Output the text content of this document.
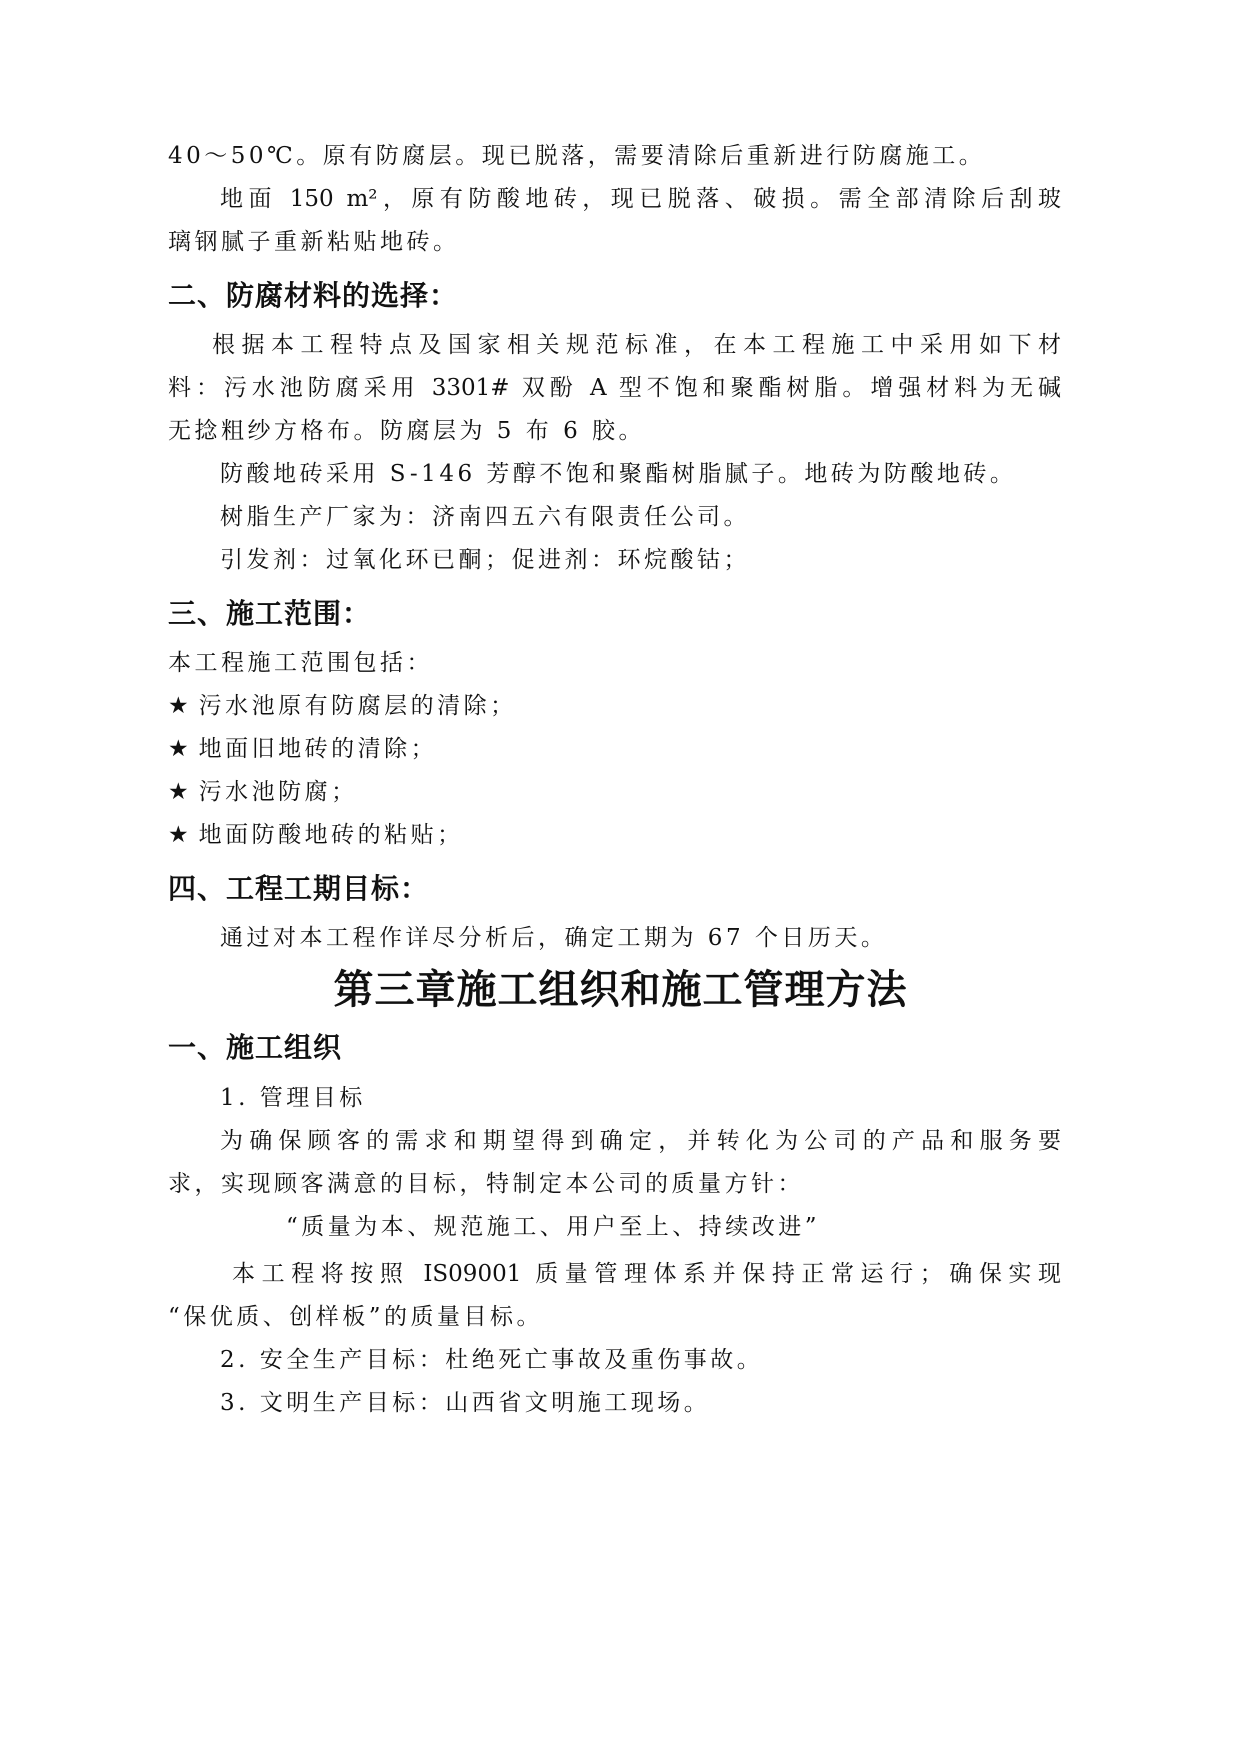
40～50℃。原有防腐层。现已脱落，需要清除后重新进行防腐施工。
地面 150 m²，原有防酸地砖，现已脱落、破损。需全部清除后刮玻
璃钢腻子重新粘贴地砖。
二、防腐材料的选择：
根据本工程特点及国家相关规范标准，在本工程施工中采用如下材
料：污水池防腐采用 3301# 双酚 A 型不饱和聚酯树脂。增强材料为无碱
无捻粗纱方格布。防腐层为 5 布 6 胶。
防酸地砖采用 S-146 芳醇不饱和聚酯树脂腻子。地砖为防酸地砖。
树脂生产厂家为：济南四五六有限责任公司。
引发剂：过氧化环已酮；促进剂：环烷酸钴；
三、施工范围：
本工程施工范围包括：
★ 污水池原有防腐层的清除；
★ 地面旧地砖的清除；
★ 污水池防腐；
★ 地面防酸地砖的粘贴；
四、工程工期目标：
通过对本工程作详尽分析后，确定工期为 67 个日历天。
第三章施工组织和施工管理方法
一、施工组织
1. 管理目标
为确保顾客的需求和期望得到确定，并转化为公司的产品和服务要
求，实现顾客满意的目标，特制定本公司的质量方针：
“质量为本、规范施工、用户至上、持续改进”
本工程将按照 IS09001 质量管理体系并保持正常运行；确保实现
“保优质、创样板”的质量目标。
2. 安全生产目标：杜绝死亡事故及重伤事故。
3. 文明生产目标：山西省文明施工现场。
